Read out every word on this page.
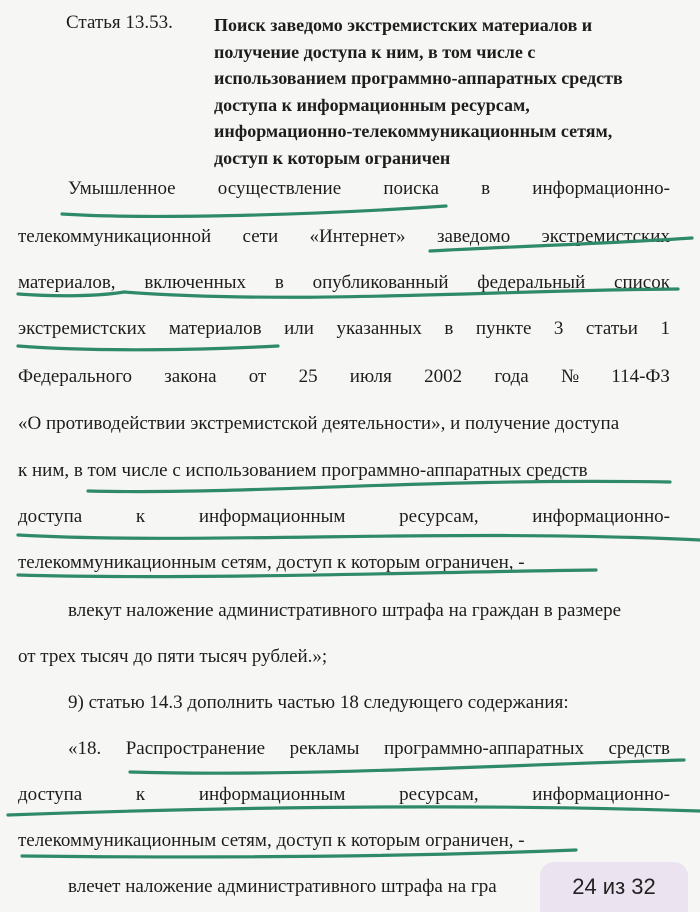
Статья 13.53. Поиск заведомо экстремистских материалов и получение доступа к ним, в том числе с использованием программно-аппаратных средств доступа к информационным ресурсам, информационно-телекоммуникационным сетям, доступ к которым ограничен

Умышленное осуществление поиска в информационно-
телекоммуникационной сети «Интернет» заведомо экстремистских
материалов, включенных в опубликованный федеральный список
экстремистских материалов или указанных в пункте 3 статьи 1
Федерального закона от 25 июля 2002 года № 114-ФЗ
«О противодействии экстремистской деятельности», и получение доступа
к ним, в том числе с использованием программно-аппаратных средств
доступа	к	информационным	ресурсам,	информационно-
телекоммуникационным сетям, доступ к которым ограничен, -
влекут наложение административного штрафа на граждан в размере
от трех тысяч до пяти тысяч рублей.»;
9) статью 14.3 дополнить частью 18 следующего содержания:
«18. Распространение рекламы программно-аппаратных средств
доступа	к	информационным	ресурсам,	информационно-
телекоммуникационным сетям, доступ к которым ограничен, -
влечет наложение административного штрафа на гра	24 из 32
